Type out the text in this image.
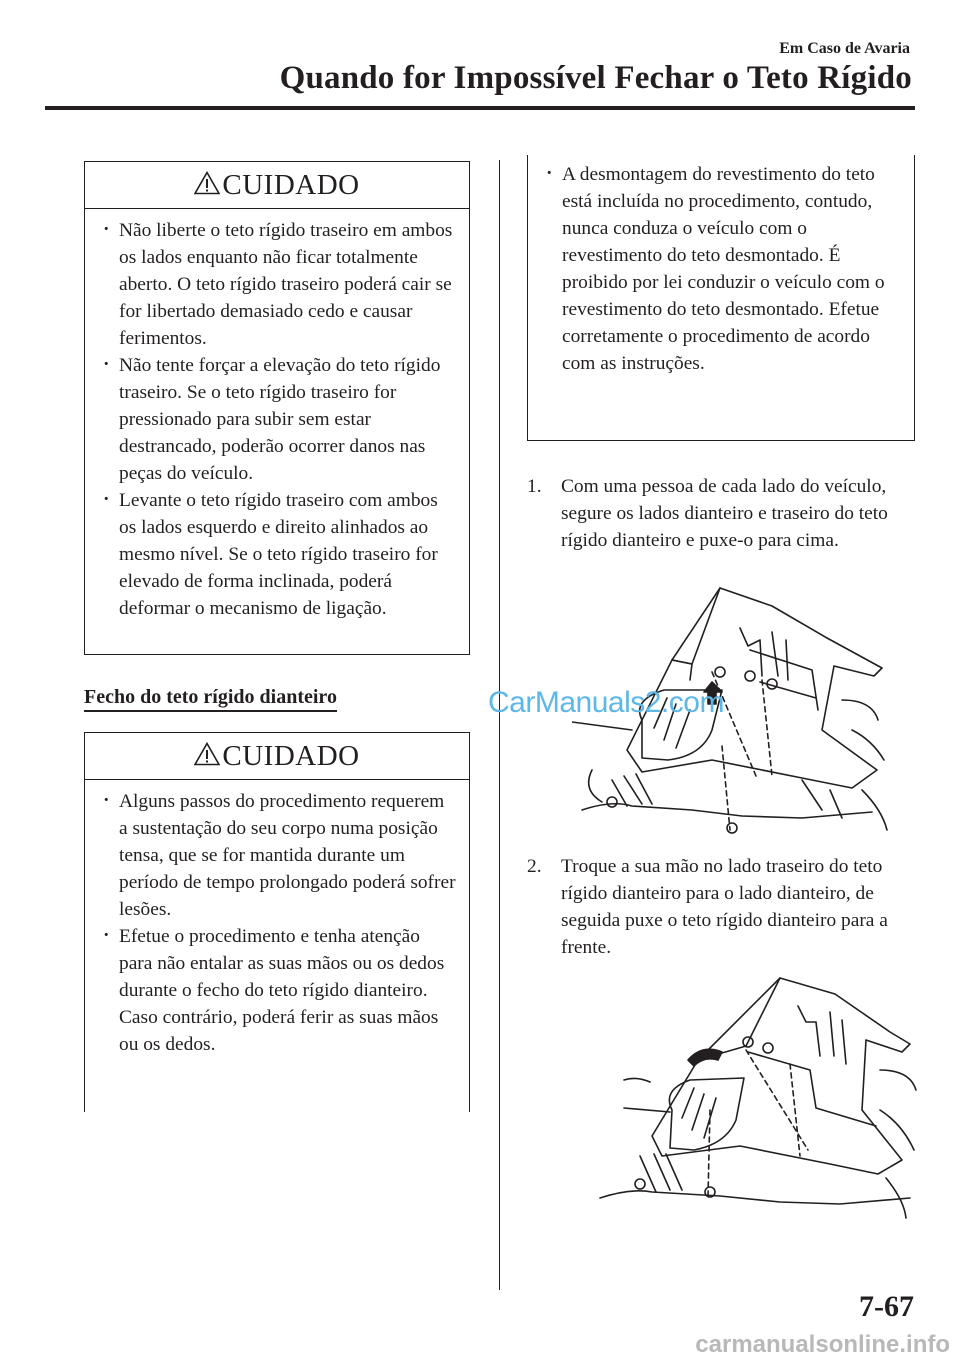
Em Caso de Avaria
Quando for Impossível Fechar o Teto Rígido
CUIDADO
· Não liberte o teto rígido traseiro em ambos os lados enquanto não ficar totalmente aberto. O teto rígido traseiro poderá cair se for libertado demasiado cedo e causar ferimentos.
· Não tente forçar a elevação do teto rígido traseiro. Se o teto rígido traseiro for pressionado para subir sem estar destrancado, poderão ocorrer danos nas peças do veículo.
· Levante o teto rígido traseiro com ambos os lados esquerdo e direito alinhados ao mesmo nível. Se o teto rígido traseiro for elevado de forma inclinada, poderá deformar o mecanismo de ligação.
Fecho do teto rígido dianteiro
CUIDADO
· Alguns passos do procedimento requerem a sustentação do seu corpo numa posição tensa, que se for mantida durante um período de tempo prolongado poderá sofrer lesões.
· Efetue o procedimento e tenha atenção para não entalar as suas mãos ou os dedos durante o fecho do teto rígido dianteiro. Caso contrário, poderá ferir as suas mãos ou os dedos.
· A desmontagem do revestimento do teto está incluída no procedimento, contudo, nunca conduza o veículo com o revestimento do teto desmontado. É proibido por lei conduzir o veículo com o revestimento do teto desmontado. Efetue corretamente o procedimento de acordo com as instruções.
1.	Com uma pessoa de cada lado do veículo, segure os lados dianteiro e traseiro do teto rígido dianteiro e puxe-o para cima.
2.	Troque a sua mão no lado traseiro do teto rígido dianteiro para o lado dianteiro, de seguida puxe o teto rígido dianteiro para a frente.
CarManuals2.com
7-67
carmanualsonline.info
